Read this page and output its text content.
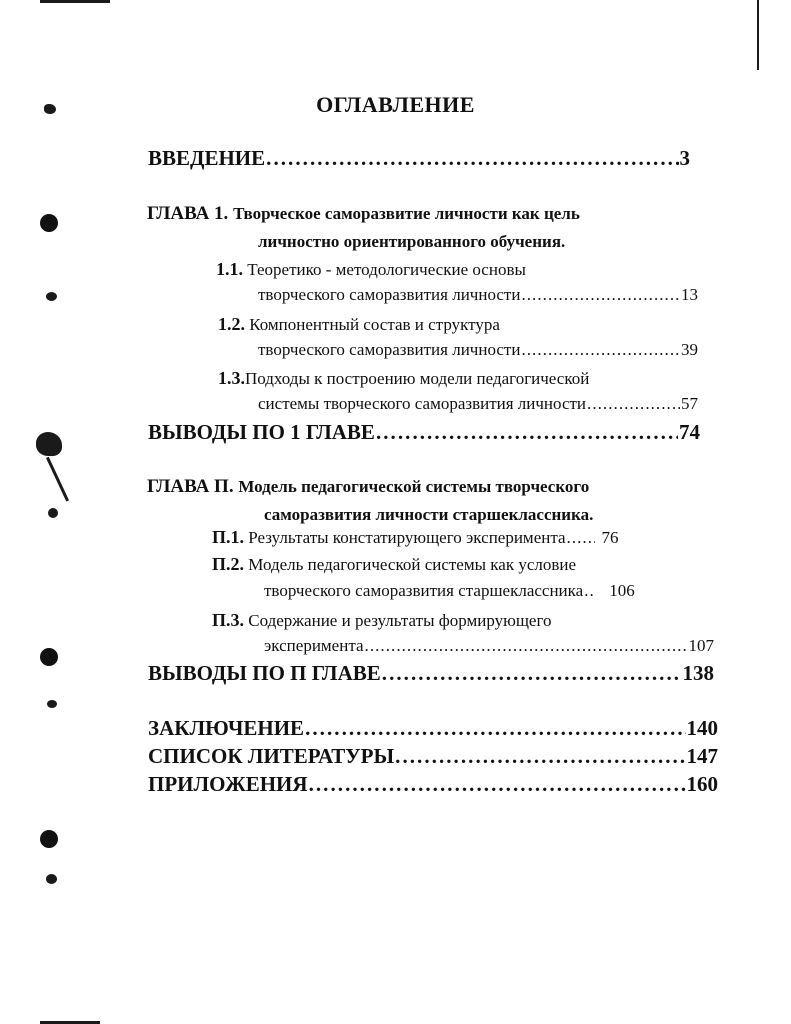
ОГЛАВЛЕНИЕ
ВВЕДЕНИЕ . . .	3
ГЛАВА 1. Творческое саморазвитие личности как цель
личностно ориентированного обучения.
1.1. Теоретико - методологические основы
творческого саморазвития личности . . .	13
1.2. Компонентный состав и структура
творческого саморазвития личности . . .	39
1.3.Подходы к построению модели педагогической
системы творческого саморазвития личности . . .	57
ВЫВОДЫ ПО 1 ГЛАВЕ . . .	74
ГЛАВА П. Модель педагогической системы творческого
саморазвития личности старшеклассника.
П.1. Результаты констатирующего эксперимента . . . 76
П.2. Модель педагогической системы как условие
творческого саморазвития старшеклассника . . . 106
П.3. Содержание и результаты формирующего
эксперимента . . .	107
ВЫВОДЫ ПО П ГЛАВЕ . . .	138
ЗАКЛЮЧЕНИЕ . . .	140
СПИСОК ЛИТЕРАТУРЫ . . .	147
ПРИЛОЖЕНИЯ . . .	160
